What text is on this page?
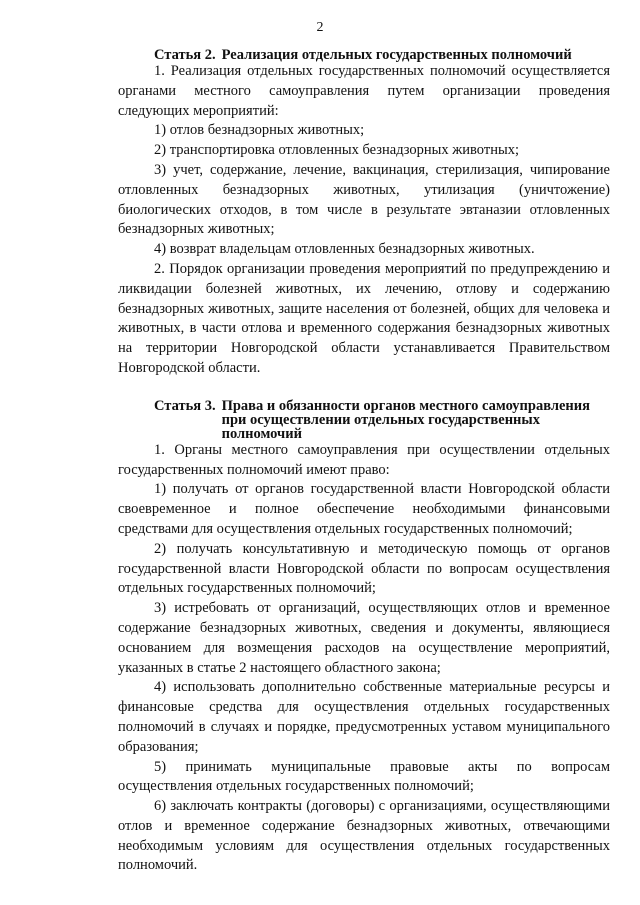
2
Статья 2. Реализация отдельных государственных полномочий

1. Реализация отдельных государственных полномочий осуществляется органами местного самоуправления путем организации проведения следующих мероприятий:

1) отлов безнадзорных животных;

2) транспортировка отловленных безнадзорных животных;

3) учет, содержание, лечение, вакцинация, стерилизация, чипирование отловленных безнадзорных животных, утилизация (уничтожение) биологических отходов, в том числе в результате эвтаназии отловленных безнадзорных животных;

4) возврат владельцам отловленных безнадзорных животных.

2. Порядок организации проведения мероприятий по предупреждению и ликвидации болезней животных, их лечению, отлову и содержанию безнадзорных животных, защите населения от болезней, общих для человека и животных, в части отлова и временного содержания безнадзорных животных на территории Новгородской области устанавливается Правительством Новгородской области.

Статья 3. Права и обязанности органов местного самоуправления при осуществлении отдельных государственных полномочий

1. Органы местного самоуправления при осуществлении отдельных государственных полномочий имеют право:

1) получать от органов государственной власти Новгородской области своевременное и полное обеспечение необходимыми финансовыми средствами для осуществления отдельных государственных полномочий;

2) получать консультативную и методическую помощь от органов государственной власти Новгородской области по вопросам осуществления отдельных государственных полномочий;

3) истребовать от организаций, осуществляющих отлов и временное содержание безнадзорных животных, сведения и документы, являющиеся основанием для возмещения расходов на осуществление мероприятий, указанных в статье 2 настоящего областного закона;

4) использовать дополнительно собственные материальные ресурсы и финансовые средства для осуществления отдельных государственных полномочий в случаях и порядке, предусмотренных уставом муниципального образования;

5) принимать муниципальные правовые акты по вопросам осуществления отдельных государственных полномочий;

6) заключать контракты (договоры) с организациями, осуществляющими отлов и временное содержание безнадзорных животных, отвечающими необходимым условиям для осуществления отдельных государственных полномочий.
